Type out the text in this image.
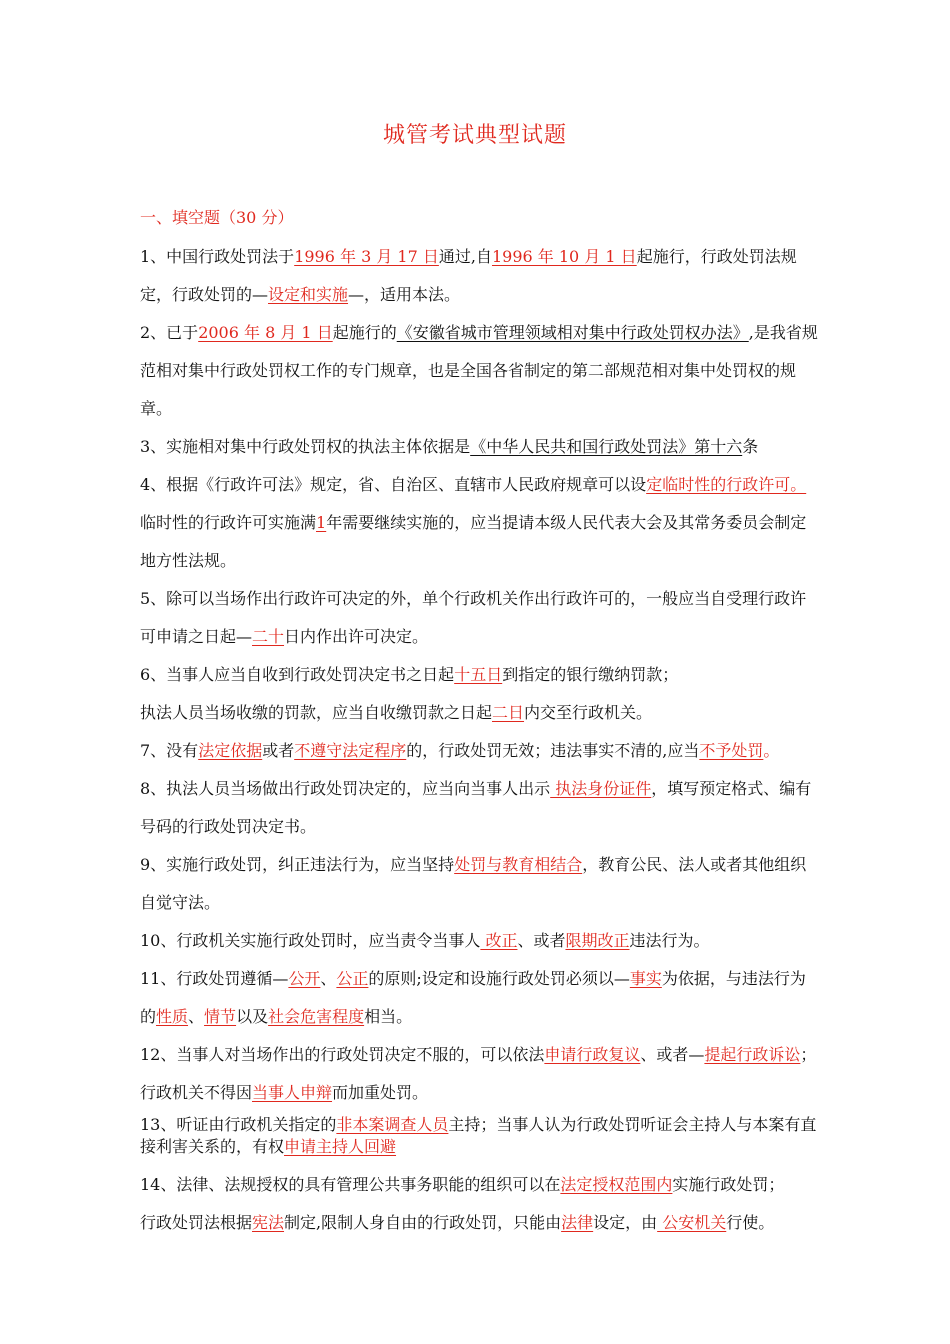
城管考试典型试题
一、填空题（30 分）

1、中国行政处罚法于1996 年 3 月 17 日通过,自1996 年 10 月 1 日起施行，行政处罚法规定，行政处罚的—设定和实施—，适用本法。

2、已于2006 年 8 月 1 日起施行的《安徽省城市管理领域相对集中行政处罚权办法》,是我省规范相对集中行政处罚权工作的专门规章，也是全国各省制定的第二部规范相对集中处罚权的规章。

3、实施相对集中行政处罚权的执法主体依据是《中华人民共和国行政处罚法》第十六条

4、根据《行政许可法》规定，省、自治区、直辖市人民政府规章可以设定临时性的行政许可。临时性的行政许可实施满1年需要继续实施的，应当提请本级人民代表大会及其常务委员会制定地方性法规。

5、除可以当场作出行政许可决定的外，单个行政机关作出行政许可的，一般应当自受理行政许可申请之日起—二十日内作出许可决定。

6、当事人应当自收到行政处罚决定书之日起十五日到指定的银行缴纳罚款；

执法人员当场收缴的罚款，应当自收缴罚款之日起二日内交至行政机关。

7、没有法定依据或者不遵守法定程序的，行政处罚无效；违法事实不清的,应当不予处罚。

8、执法人员当场做出行政处罚决定的，应当向当事人出示 执法身份证件，填写预定格式、编有号码的行政处罚决定书。

9、实施行政处罚，纠正违法行为，应当坚持处罚与教育相结合，教育公民、法人或者其他组织自觉守法。

10、行政机关实施行政处罚时，应当责令当事人 改正、或者限期改正违法行为。

11、行政处罚遵循—公开、公正的原则;设定和设施行政处罚必须以—事实为依据，与违法行为的性质、情节以及社会危害程度相当。

12、当事人对当场作出的行政处罚决定不服的，可以依法申请行政复议、或者—提起行政诉讼；行政机关不得因当事人申辩而加重处罚。

13、听证由行政机关指定的非本案调查人员主持；当事人认为行政处罚听证会主持人与本案有直接利害关系的，有权申请主持人回避

14、法律、法规授权的具有管理公共事务职能的组织可以在法定授权范围内实施行政处罚；

行政处罚法根据宪法制定,限制人身自由的行政处罚，只能由法律设定，由 公安机关行使。
